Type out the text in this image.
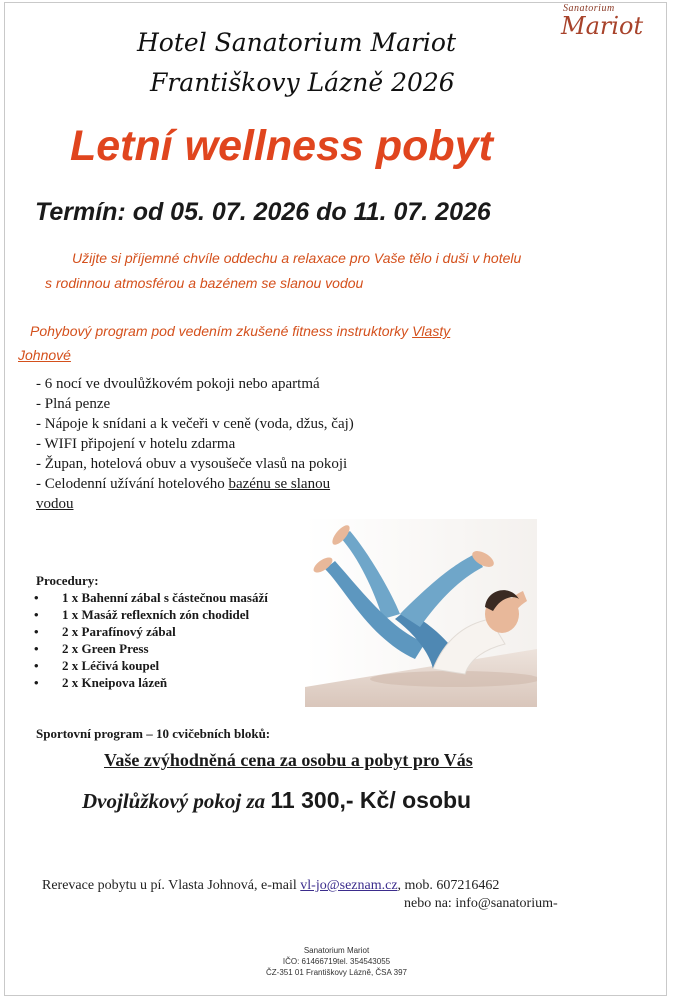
Sanatorium
Mariot
Hotel Sanatorium Mariot
Františkovy Lázně 2026
Letní wellness pobyt
Termín: od 05. 07. 2026 do 11. 07. 2026
Užijte si příjemné chvíle oddechu a relaxace pro Vaše tělo i duši v hotelu
s rodinnou atmosférou a bazénem se slanou vodou
Pohybový program pod vedením zkušené fitness instruktorky Vlasty
Johnové
- 6 nocí ve dvoulůžkovém pokoji nebo apartmá
- Plná penze
- Nápoje k snídani a k večeři v ceně (voda, džus, čaj)
- WIFI připojení v hotelu zdarma
- Župan, hotelová obuv a vysoušeče vlasů na pokoji
- Celodenní užívání hotelového bazénu se slanou
vodou
Procedury:
• 1 x Bahenní zábal s částečnou masáží
• 1 x Masáž reflexních zón chodidel
• 2 x Parafínový zábal
• 2 x Green Press
• 2 x Léčivá koupel
• 2 x Kneipova lázeň
Sportovní program – 10 cvičebních bloků:
Vaše zvýhodněná cena za osobu a pobyt pro Vás
Dvojlůžkový pokoj za 11 300,- Kč/ osobu
Rerevace pobytu u pí. Vlasta Johnová, e-mail vl-jo@seznam.cz, mob. 607216462
nebo na: info@sanatorium-
Sanatorium Mariot
IČO: 61466719tel. 354543055
ČZ-351 01 Františkovy Lázně, ČSA 397
